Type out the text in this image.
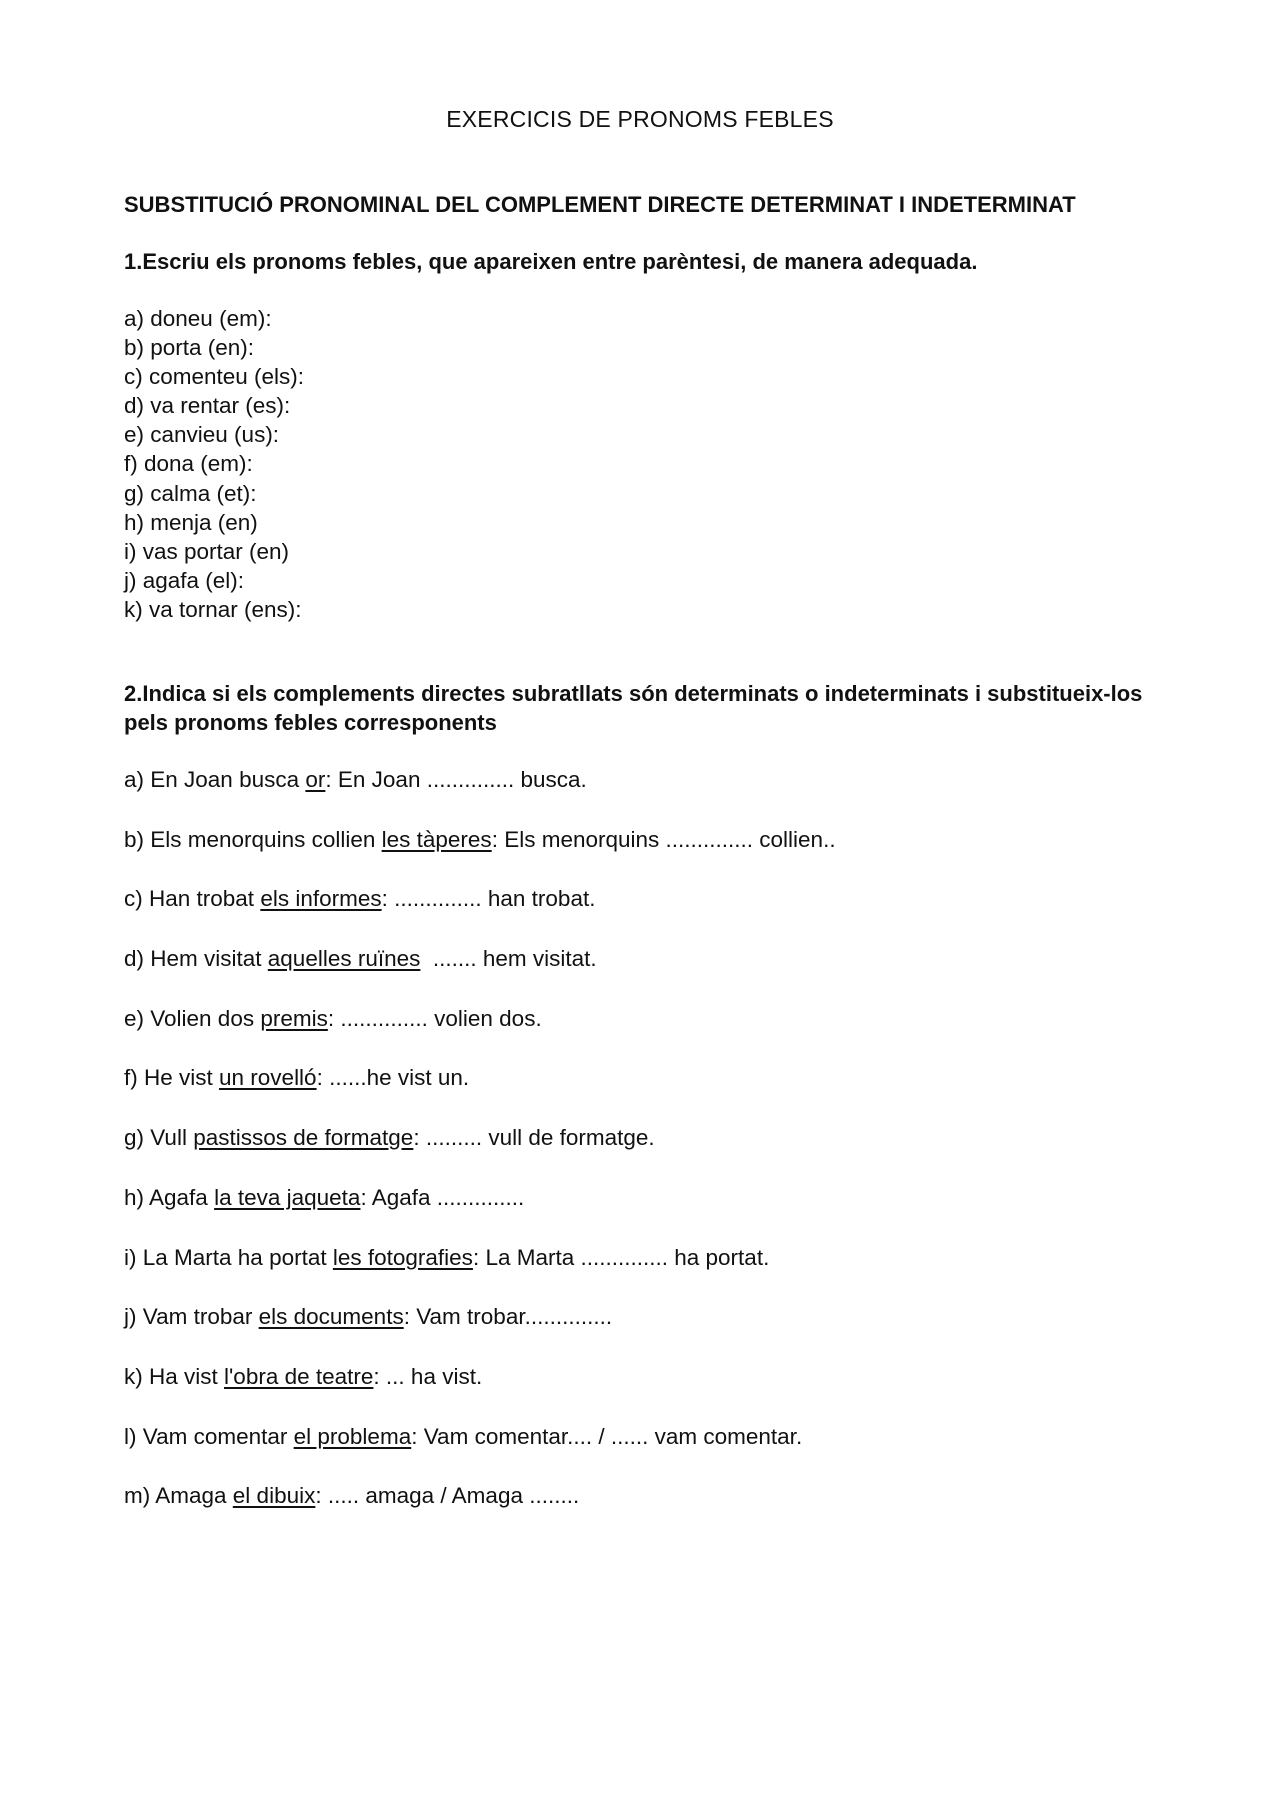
EXERCICIS DE PRONOMS FEBLES
SUBSTITUCIÓ PRONOMINAL DEL COMPLEMENT DIRECTE DETERMINAT I INDETERMINAT
1.Escriu els pronoms febles, que apareixen entre parèntesi, de manera adequada.
a) doneu (em):
b) porta (en):
c) comenteu (els):
d) va rentar (es):
e) canvieu (us):
f) dona (em):
g) calma (et):
h) menja (en)
i) vas portar (en)
j) agafa (el):
k) va tornar (ens):
2.Indica si els complements directes subratllats són determinats o indeterminats i substitueix-los pels pronoms febles corresponents
a) En Joan busca or: En Joan .............. busca.
b) Els menorquins collien les tàperes: Els menorquins .............. collien..
c) Han trobat els informes: .............. han trobat.
d) Hem visitat aquelles ruïnes  ....... hem visitat.
e) Volien dos premis: .............. volien dos.
f) He vist un rovelló: ......he vist un.
g) Vull pastissos de formatge: ......... vull de formatge.
h) Agafa la teva jaqueta: Agafa ..............
i) La Marta ha portat les fotografies: La Marta .............. ha portat.
j) Vam trobar els documents: Vam trobar..............
k) Ha vist l'obra de teatre: ... ha vist.
l) Vam comentar el problema: Vam comentar.... / ...... vam comentar.
m) Amaga el dibuix: ..... amaga / Amaga ........
